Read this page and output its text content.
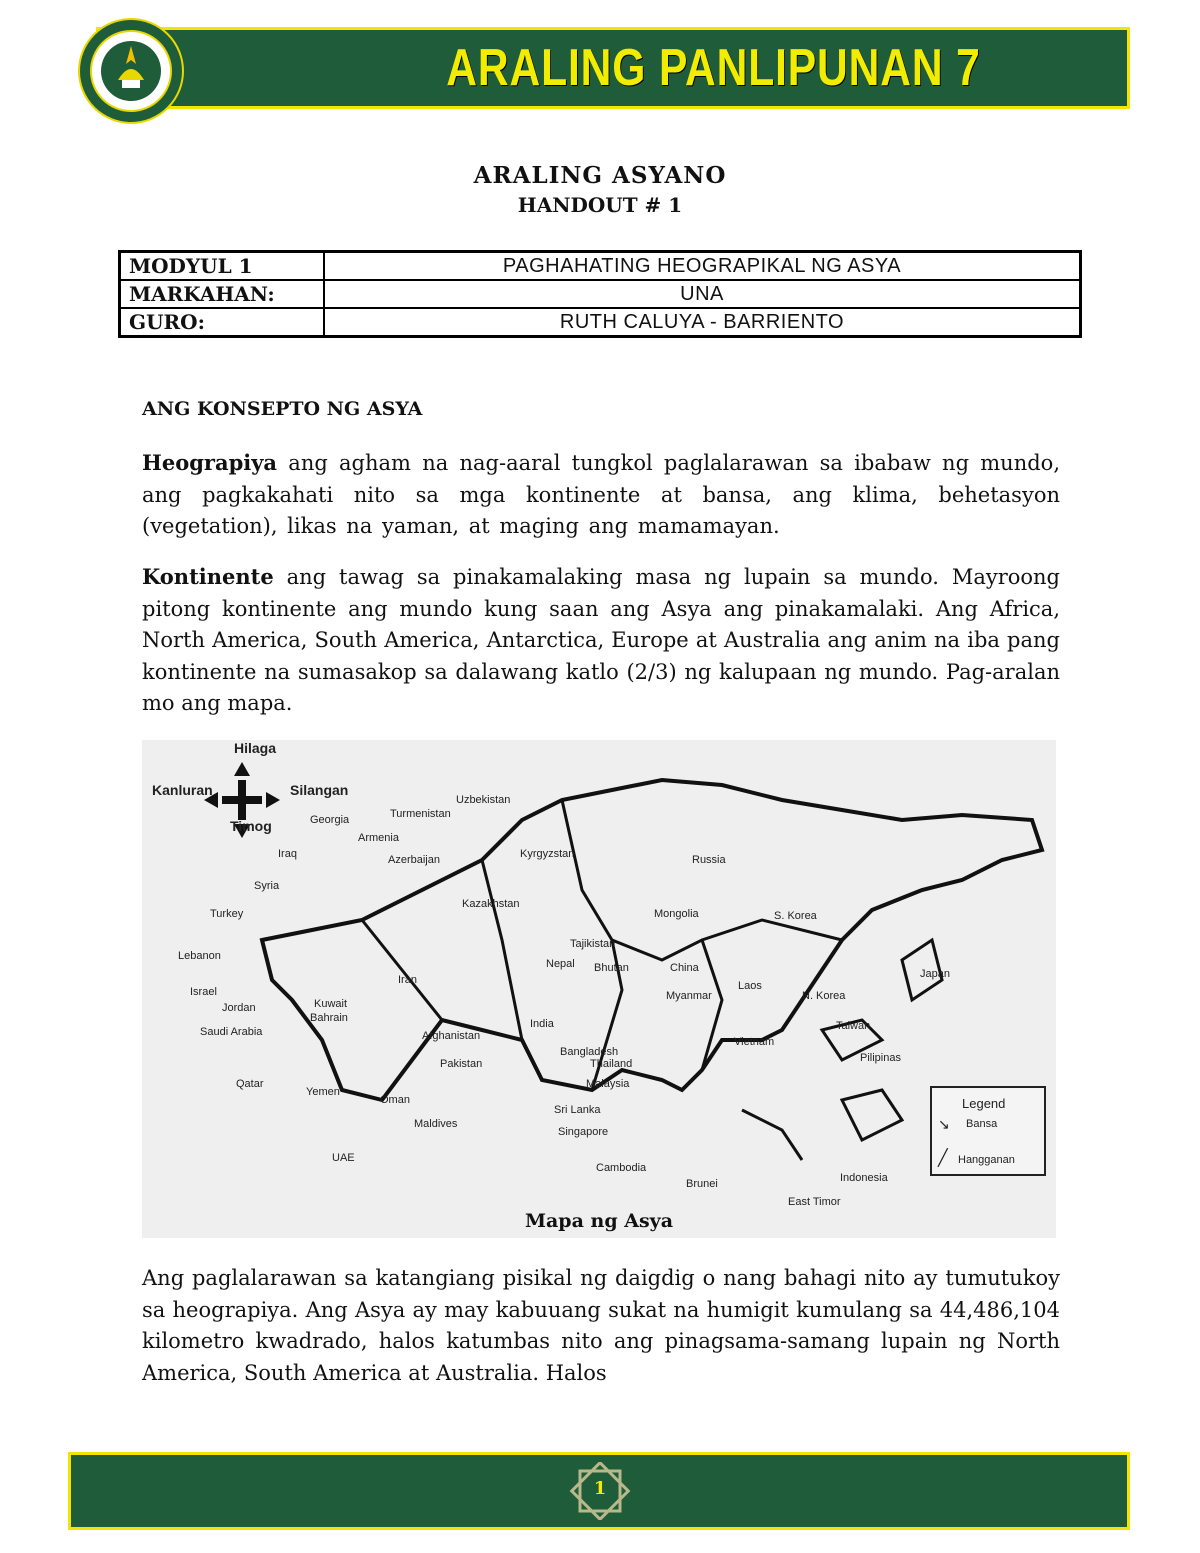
ARALING PANLIPUNAN 7
ARALING ASYANO
HANDOUT # 1
MODYUL 1	PAGHAHATING HEOGRAPIKAL NG ASYA
MARKAHAN:	UNA
GURO:	RUTH CALUYA - BARRIENTO
ANG KONSEPTO NG ASYA
Heograpiya ang agham na nag-aaral tungkol paglalarawan sa ibabaw ng mundo, ang pagkakahati nito sa mga kontinente at bansa, ang klima, behetasyon (vegetation), likas na yaman, at maging ang mamamayan.
Kontinente ang tawag sa pinakamalaking masa ng lupain sa mundo. Mayroong pitong kontinente ang mundo kung saan ang Asya ang pinakamalaki. Ang Africa, North America, South America, Antarctica, Europe at Australia ang anim na iba pang kontinente na sumasakop sa dalawang katlo (2/3) ng kalupaan ng mundo. Pag-aralan mo ang mapa.
Hilaga
Kanluran	Silangan
Timog
Uzbekistan
Turmenistan
Georgia
Armenia
Azerbaijan
Iraq
Syria
Turkey
Lebanon
Israel
Jordan	Kuwait
Bahrain
Saudi Arabia
Qatar
Yemen
Oman
UAE
Iran
Afghanistan
Pakistan
Kazakhstan
Kyrgyzstan
Tajikistan
Russia
Mongolia
China
Nepal Bhutan
India
Myanmar
Laos
Bangladesh
Thailand
Malaysia
Sri Lanka
Singapore
Maldives
Cambodia
Brunei
Vietnam
S. Korea
N. Korea
Japan
Taiwan
Pilipinas
Indonesia
East Timor
Legend
Bansa
Hangganan
↘
╱
Mapa ng Asya
Ang paglalarawan sa katangiang pisikal ng daigdig o nang bahagi nito ay tumutukoy sa heograpiya. Ang Asya ay may kabuuang sukat na humigit kumulang sa 44,486,104 kilometro kwadrado, halos katumbas nito ang pinagsama-samang lupain ng North America, South America at Australia. Halos
1
